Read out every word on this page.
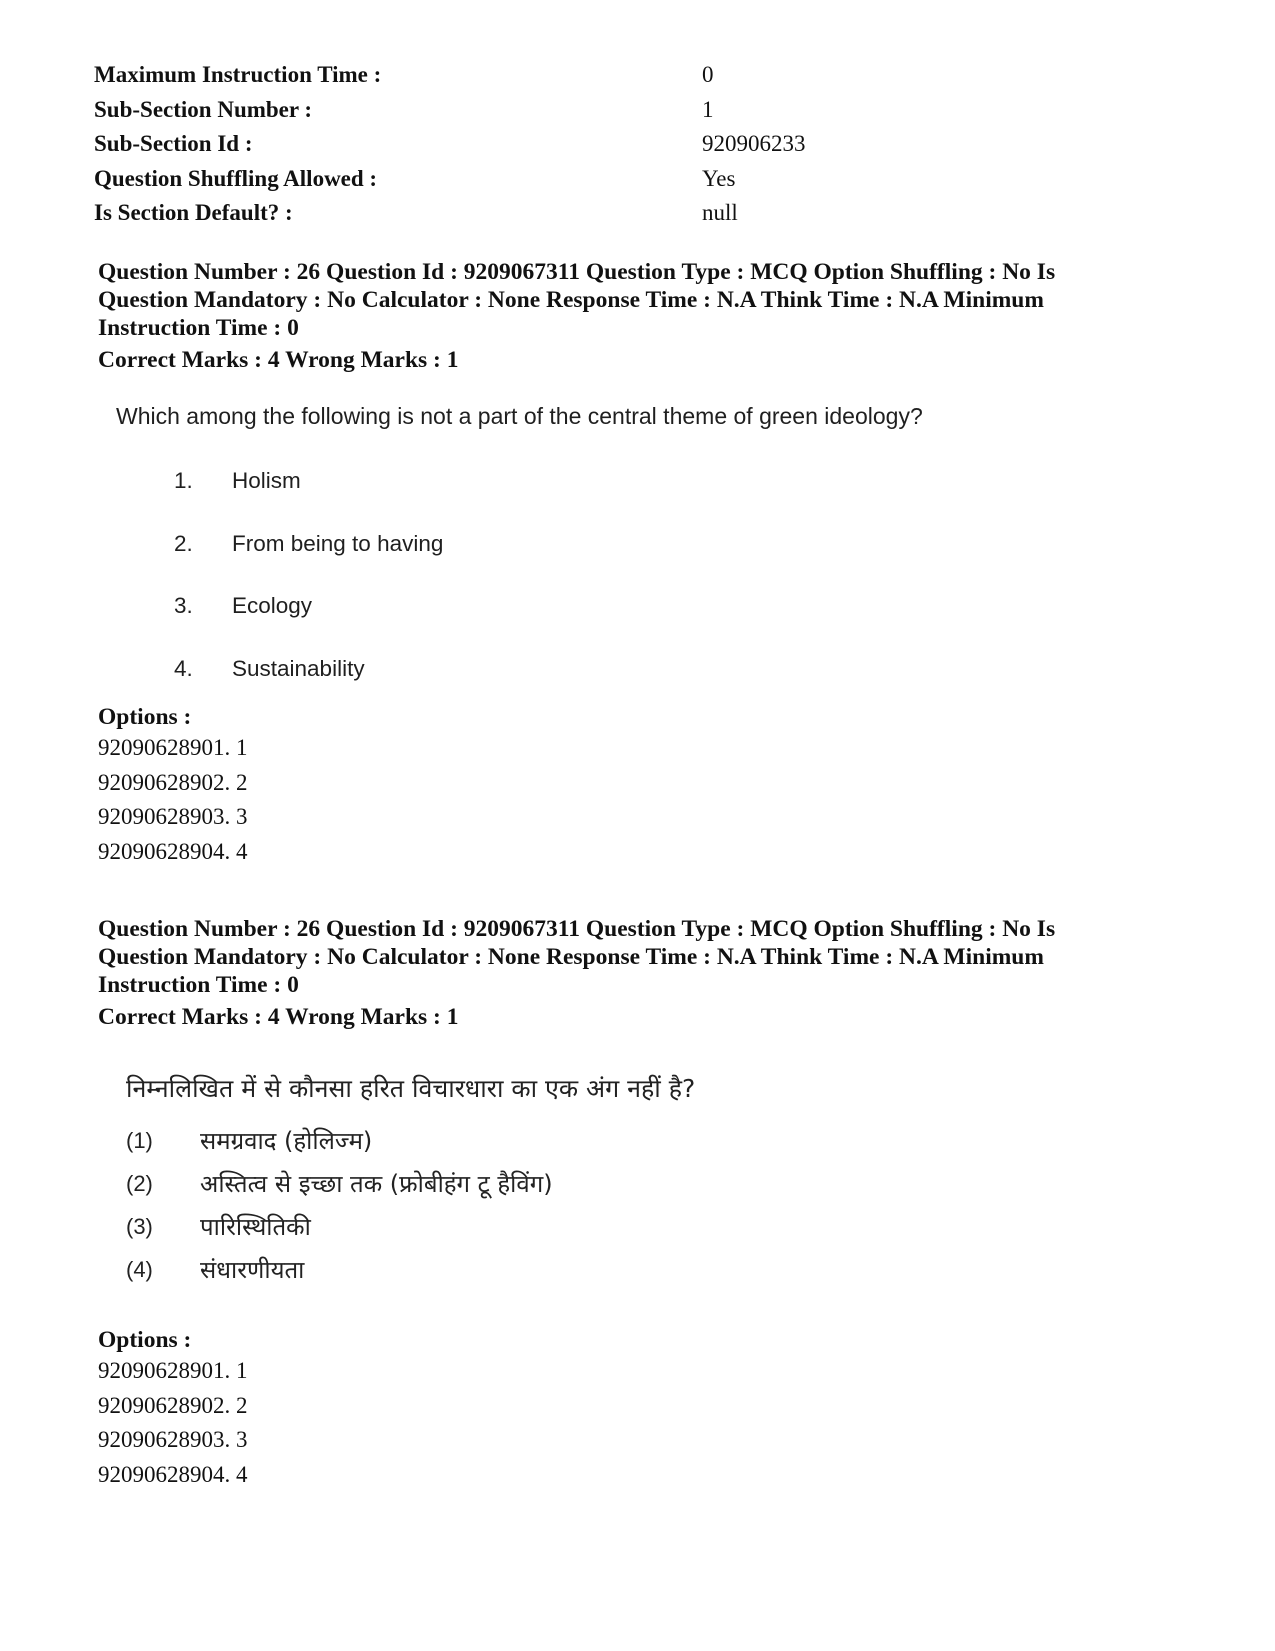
Maximum Instruction Time :	0
Sub-Section Number :	1
Sub-Section Id :	920906233
Question Shuffling Allowed :	Yes
Is Section Default? :	null
Question Number : 26 Question Id : 9209067311 Question Type : MCQ Option Shuffling : No Is
Question Mandatory : No Calculator : None Response Time : N.A Think Time : N.A Minimum
Instruction Time : 0
Correct Marks : 4 Wrong Marks : 1
Which among the following is not a part of the central theme of green ideology?
1.	Holism
2.	From being to having
3.	Ecology
4.	Sustainability
Options :
92090628901. 1
92090628902. 2
92090628903. 3
92090628904. 4
Question Number : 26 Question Id : 9209067311 Question Type : MCQ Option Shuffling : No Is
Question Mandatory : No Calculator : None Response Time : N.A Think Time : N.A Minimum
Instruction Time : 0
Correct Marks : 4 Wrong Marks : 1
निम्नलिखित में से कौनसा हरित विचारधारा का एक अंग नहीं है?
(1)	समग्रवाद (होलिज्म)
(2)	अस्तित्व से इच्छा तक (फ्रोबीहंग टू हैविंग)
(3)	पारिस्थितिकी
(4)	संधारणीयता
Options :
92090628901. 1
92090628902. 2
92090628903. 3
92090628904. 4
